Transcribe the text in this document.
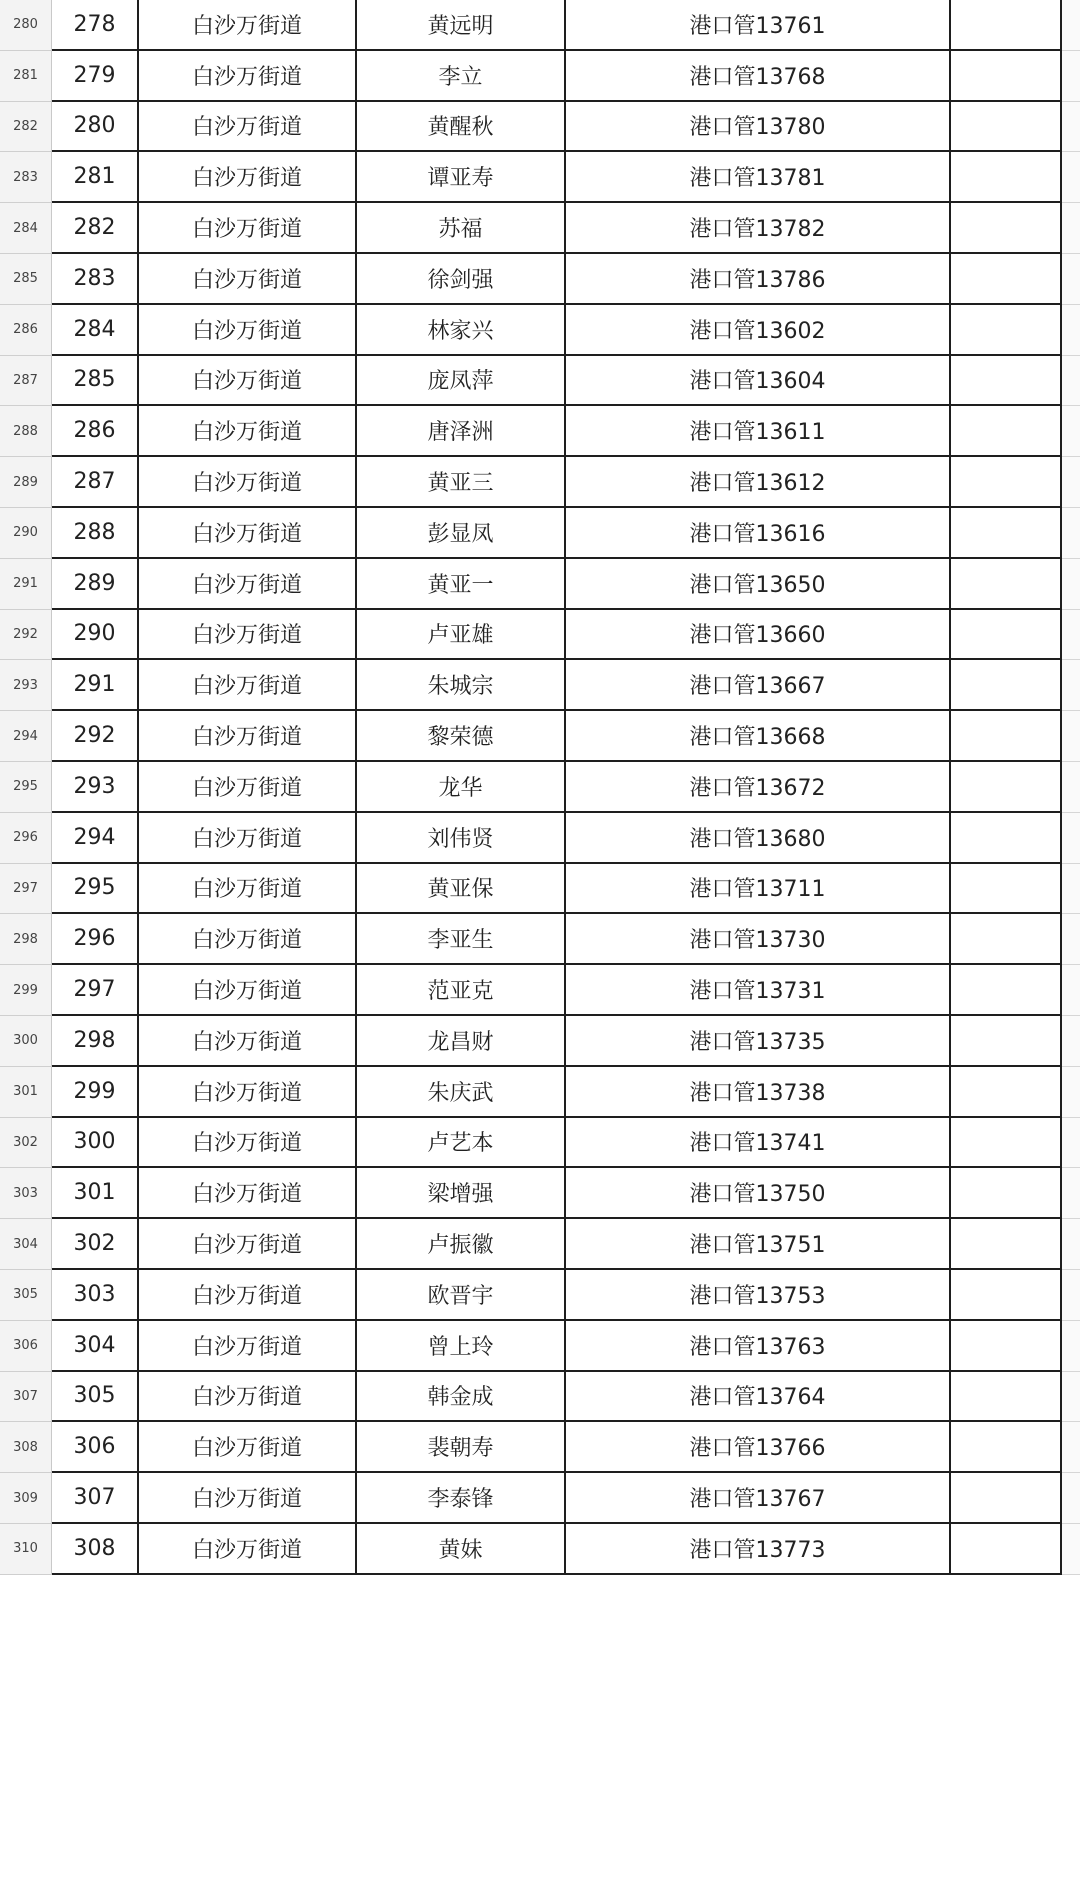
280	278	白沙万街道	黄远明	港口管13761
281	279	白沙万街道	李立	港口管13768
282	280	白沙万街道	黄醒秋	港口管13780
283	281	白沙万街道	谭亚寿	港口管13781
284	282	白沙万街道	苏福	港口管13782
285	283	白沙万街道	徐剑强	港口管13786
286	284	白沙万街道	林家兴	港口管13602
287	285	白沙万街道	庞凤萍	港口管13604
288	286	白沙万街道	唐泽洲	港口管13611
289	287	白沙万街道	黄亚三	港口管13612
290	288	白沙万街道	彭显凤	港口管13616
291	289	白沙万街道	黄亚一	港口管13650
292	290	白沙万街道	卢亚雄	港口管13660
293	291	白沙万街道	朱城宗	港口管13667
294	292	白沙万街道	黎荣德	港口管13668
295	293	白沙万街道	龙华	港口管13672
296	294	白沙万街道	刘伟贤	港口管13680
297	295	白沙万街道	黄亚保	港口管13711
298	296	白沙万街道	李亚生	港口管13730
299	297	白沙万街道	范亚克	港口管13731
300	298	白沙万街道	龙昌财	港口管13735
301	299	白沙万街道	朱庆武	港口管13738
302	300	白沙万街道	卢艺本	港口管13741
303	301	白沙万街道	梁增强	港口管13750
304	302	白沙万街道	卢振徽	港口管13751
305	303	白沙万街道	欧晋宇	港口管13753
306	304	白沙万街道	曾上玲	港口管13763
307	305	白沙万街道	韩金成	港口管13764
308	306	白沙万街道	裴朝寿	港口管13766
309	307	白沙万街道	李泰锋	港口管13767
310	308	白沙万街道	黄妹	港口管13773
